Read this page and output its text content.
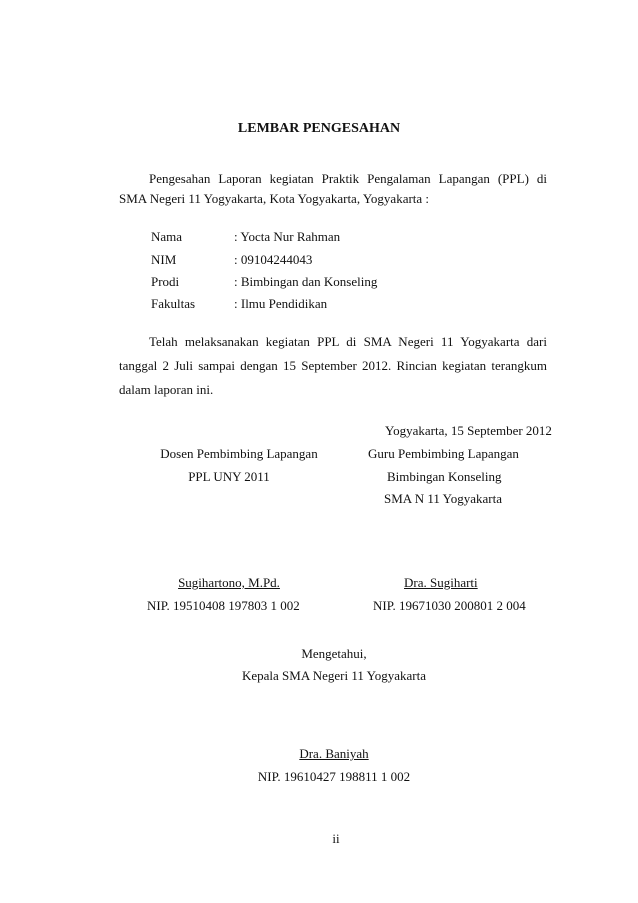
LEMBAR PENGESAHAN
Pengesahan Laporan kegiatan Praktik Pengalaman Lapangan (PPL) di
SMA Negeri 11 Yogyakarta, Kota Yogyakarta, Yogyakarta :
Nama	: Yocta Nur Rahman
NIM	: 09104244043
Prodi	: Bimbingan dan Konseling
Fakultas	: Ilmu Pendidikan
Telah melaksanakan kegiatan PPL di SMA Negeri 11 Yogyakarta dari
tanggal 2 Juli sampai dengan 15 September 2012. Rincian kegiatan terangkum
dalam laporan ini.
Yogyakarta, 15 September 2012
Dosen Pembimbing Lapangan
PPL UNY 2011
Sugihartono, M.Pd.
NIP. 19510408 197803 1 002
Guru Pembimbing Lapangan
Bimbingan Konseling
SMA N 11 Yogyakarta
Dra. Sugiharti
NIP. 19671030 200801 2 004
Mengetahui,
Kepala SMA Negeri 11 Yogyakarta
Dra. Baniyah
NIP. 19610427 198811 1 002
ii
